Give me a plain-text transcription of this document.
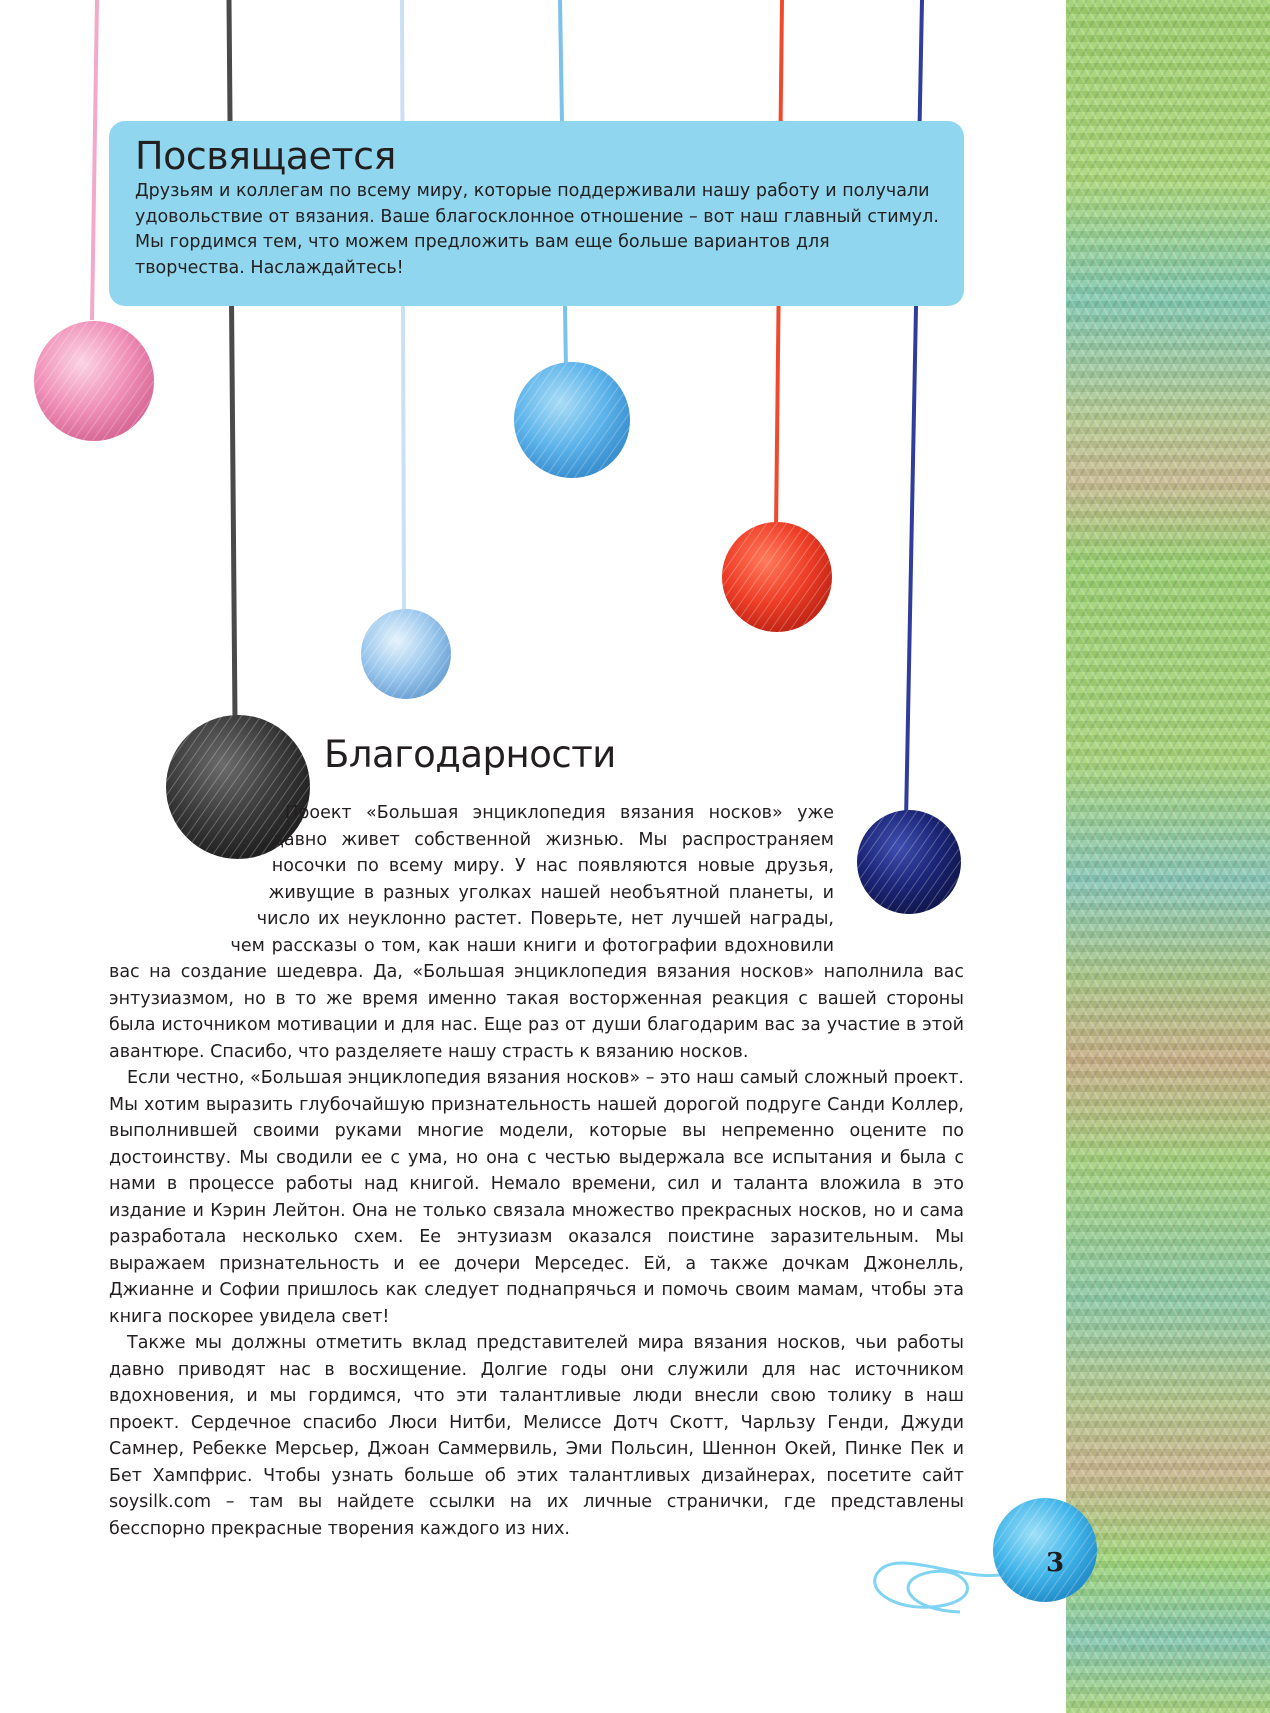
Посвящается

Друзьям и коллегам по всему миру, которые поддерживали нашу работу и получали удовольствие от вязания. Ваше благосклонное отношение – вот наш главный стимул. Мы гордимся тем, что можем предложить вам еще больше вариантов для творчества. Наслаждайтесь!

Благодарности

Проект «Большая энциклопедия вязания носков» уже давно живет собственной жизнью. Мы распространяем носочки по всему миру. У нас появляются новые друзья, живущие в разных уголках нашей необъятной планеты, и число их неуклонно растет. Поверьте, нет лучшей награды, чем рассказы о том, как наши книги и фотографии вдохновили вас на создание шедевра. Да, «Большая энциклопедия вязания носков» наполнила вас энтузиазмом, но в то же время именно такая восторженная реакция с вашей стороны была источником мотивации и для нас. Еще раз от души благодарим вас за участие в этой авантюре. Спасибо, что разделяете нашу страсть к вязанию носков.

Если честно, «Большая энциклопедия вязания носков» – это наш самый сложный проект. Мы хотим выразить глубочайшую признательность нашей дорогой подруге Санди Коллер, выполнившей своими руками многие модели, которые вы непременно оцените по достоинству. Мы сводили ее с ума, но она с честью выдержала все испытания и была с нами в процессе работы над книгой. Немало времени, сил и таланта вложила в это издание и Кэрин Лейтон. Она не только связала множество прекрасных носков, но и сама разработала несколько схем. Ее энтузиазм оказался поистине заразительным. Мы выражаем признательность и ее дочери Мерседес. Ей, а также дочкам Джонелль, Джианне и Софии пришлось как следует поднапрячься и помочь своим мамам, чтобы эта книга поскорее увидела свет!

Также мы должны отметить вклад представителей мира вязания носков, чьи работы давно приводят нас в восхищение. Долгие годы они служили для нас источником вдохновения, и мы гордимся, что эти талантливые люди внесли свою толику в наш проект. Сердечное спасибо Люси Нитби, Мелиссе Дотч Скотт, Чарльзу Генди, Джуди Самнер, Ребекке Мерсьер, Джоан Саммервиль, Эми Польсин, Шеннон Окей, Пинке Пек и Бет Хампфрис. Чтобы узнать больше об этих талантливых дизайнерах, посетите сайт soysilk.com – там вы найдете ссылки на их личные странички, где представлены бесспорно прекрасные творения каждого из них.

3
